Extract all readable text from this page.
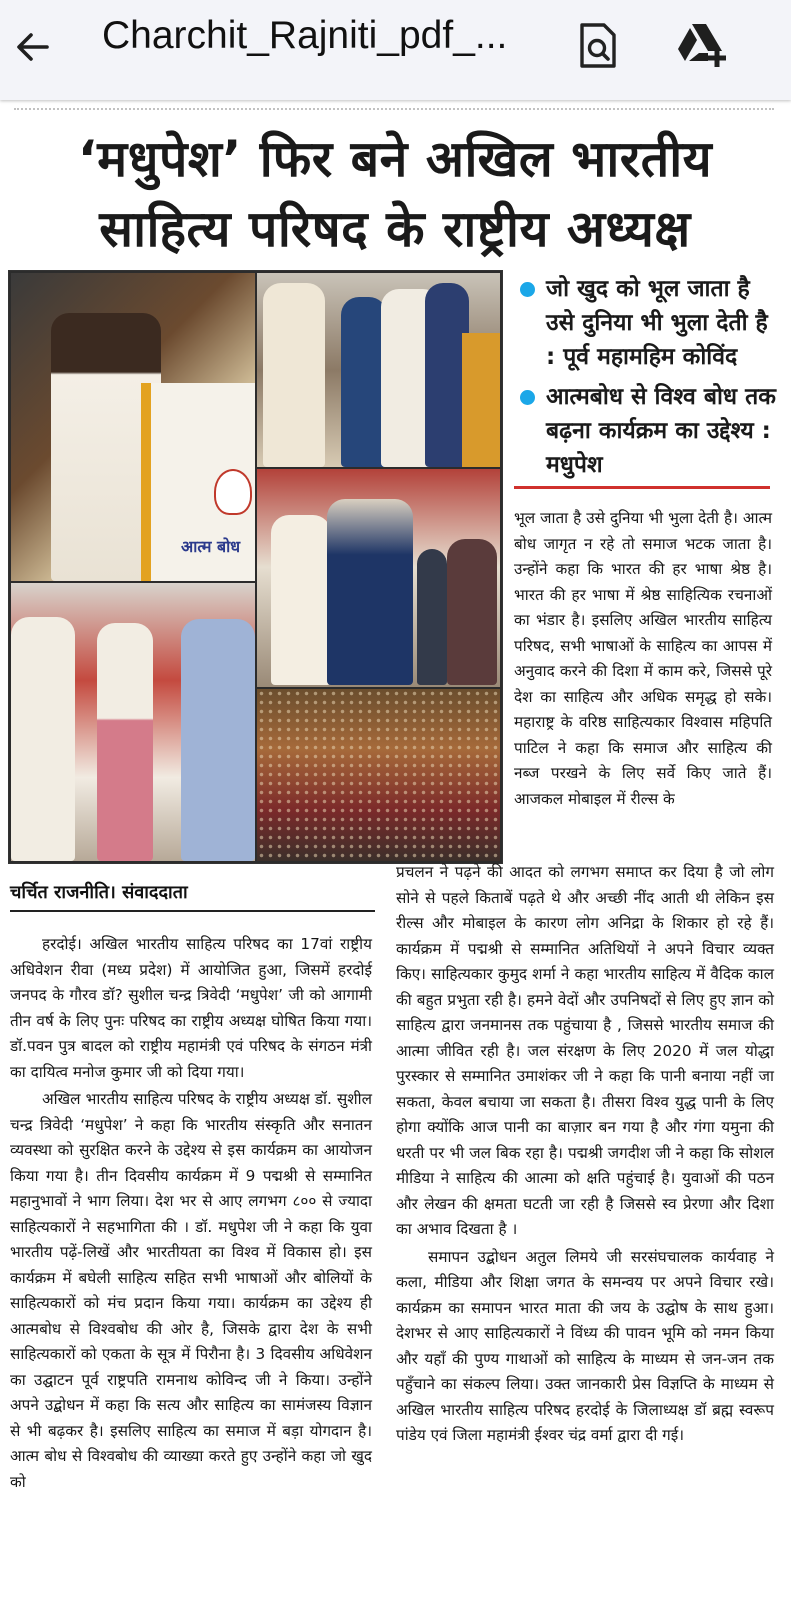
Charchit_Rajniti_pdf_...
‘मधुपेश’ फिर बने अखिल भारतीय
साहित्य परिषद के राष्ट्रीय अध्यक्ष
आत्म बोध
जो खुद को भूल जाता है उसे दुनिया भी भुला देती है : पूर्व महामहिम कोविंद
आत्मबोध से विश्व बोध तक बढ़ना कार्यक्रम का उद्देश्य : मधुपेश

भूल जाता है उसे दुनिया भी भुला देती है। आत्म बोध जागृत न रहे तो समाज भटक जाता है। उन्होंने कहा कि भारत की हर भाषा श्रेष्ठ है। भारत की हर भाषा में श्रेष्ठ साहित्यिक रचनाओं का भंडार है। इसलिए अखिल भारतीय साहित्य परिषद, सभी भाषाओं के साहित्य का आपस में अनुवाद करने की दिशा में काम करे, जिससे पूरे देश का साहित्य और अधिक समृद्ध हो सके। महाराष्ट्र के वरिष्ठ साहित्यकार विश्वास महिपति पाटिल ने कहा कि समाज और साहित्य की नब्ज परखने के लिए सर्वे किए जाते हैं। आजकल मोबाइल में रील्स के

चर्चित राजनीति। संवाददाता

हरदोई। अखिल भारतीय साहित्य परिषद का 17वां राष्ट्रीय अधिवेशन रीवा (मध्य प्रदेश) में आयोजित हुआ, जिसमें हरदोई जनपद के गौरव डॉ? सुशील चन्द्र त्रिवेदी ‘मधुपेश’ जी को आगामी तीन वर्ष के लिए पुनः परिषद का राष्ट्रीय अध्यक्ष घोषित किया गया।डॉ.पवन पुत्र बादल को राष्ट्रीय महामंत्री एवं परिषद के संगठन मंत्री का दायित्व मनोज कुमार जी को दिया गया।

अखिल भारतीय साहित्य परिषद के राष्ट्रीय अध्यक्ष डॉ. सुशील चन्द्र त्रिवेदी ‘मधुपेश’ ने कहा कि भारतीय संस्कृति और सनातन व्यवस्था को सुरक्षित करने के उद्देश्य से इस कार्यक्रम का आयोजन किया गया है। तीन दिवसीय कार्यक्रम में 9 पद्मश्री से सम्मानित महानुभावों ने भाग लिया। देश भर से आए लगभग ८०० से ज्यादा साहित्यकारों ने सहभागिता की । डॉ. मधुपेश जी ने कहा कि युवा भारतीय पढ़ें-लिखें और भारतीयता का विश्व में विकास हो। इस कार्यक्रम में बघेली साहित्य सहित सभी भाषाओं और बोलियों के साहित्यकारों को मंच प्रदान किया गया। कार्यक्रम का उद्देश्य ही आत्मबोध से विश्वबोध की ओर है, जिसके द्वारा देश के सभी साहित्यकारों को एकता के सूत्र में पिरौना है। 3 दिवसीय अधिवेशन का उद्घाटन पूर्व राष्ट्रपति रामनाथ कोविन्द जी ने किया। उन्होंने अपने उद्बोधन में कहा कि सत्य और साहित्य का सामंजस्य विज्ञान से भी बढ़कर है। इसलिए साहित्य का समाज में बड़ा योगदान है। आत्म बोध से विश्वबोध की व्याख्या करते हुए उन्होंने कहा जो खुद को

प्रचलन ने पढ़ने की आदत को लगभग समाप्त कर दिया है जो लोग सोने से पहले किताबें पढ़ते थे और अच्छी नींद आती थी लेकिन इस रील्स और मोबाइल के कारण लोग अनिद्रा के शिकार हो रहे हैं। कार्यक्रम में पद्मश्री से सम्मानित अतिथियों ने अपने विचार व्यक्त किए। साहित्यकार कुमुद शर्मा ने कहा भारतीय साहित्य में वैदिक काल की बहुत प्रभुता रही है। हमने वेदों और उपनिषदों से लिए हुए ज्ञान को साहित्य द्वारा जनमानस तक पहुंचाया है , जिससे भारतीय समाज की आत्मा जीवित रही है। जल संरक्षण के लिए 2020 में जल योद्धा पुरस्कार से सम्मानित उमाशंकर जी ने कहा कि पानी बनाया नहीं जा सकता, केवल बचाया जा सकता है। तीसरा विश्व युद्ध पानी के लिए होगा क्योंकि आज पानी का बाज़ार बन गया है और गंगा यमुना की धरती पर भी जल बिक रहा है। पद्मश्री जगदीश जी ने कहा कि सोशल मीडिया ने साहित्य की आत्मा को क्षति पहुंचाई है। युवाओं की पठन और लेखन की क्षमता घटती जा रही है जिससे स्व प्रेरणा और दिशा का अभाव दिखता है ।

समापन उद्बोधन अतुल लिमये जी सरसंघचालक कार्यवाह ने कला, मीडिया और शिक्षा जगत के समन्वय पर अपने विचार रखे।कार्यक्रम का समापन भारत माता की जय के उद्घोष के साथ हुआ। देशभर से आए साहित्यकारों ने विंध्य की पावन भूमि को नमन किया और यहाँ की पुण्य गाथाओं को साहित्य के माध्यम से जन-जन तक पहुँचाने का संकल्प लिया। उक्त जानकारी प्रेस विज्ञप्ति के माध्यम से अखिल भारतीय साहित्य परिषद हरदोई के जिलाध्यक्ष डॉ ब्रह्म स्वरूप पांडेय एवं जिला महामंत्री ईश्वर चंद्र वर्मा द्वारा दी गई।
